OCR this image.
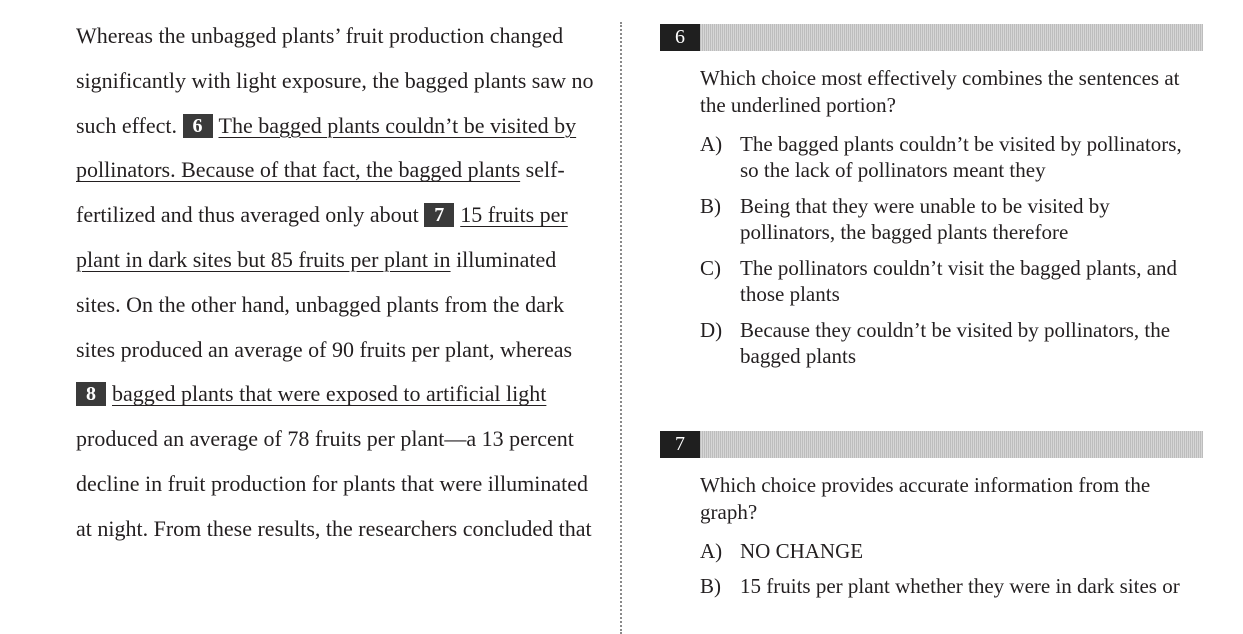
Whereas the unbagged plants’ fruit production changed significantly with light exposure, the bagged plants saw no such effect. 6 The bagged plants couldn’t be visited by pollinators. Because of that fact, the bagged plants self-fertilized and thus averaged only about 7 15 fruits per plant in dark sites but 85 fruits per plant in illuminated sites. On the other hand, unbagged plants from the dark sites produced an average of 90 fruits per plant, whereas 8 bagged plants that were exposed to artificial light produced an average of 78 fruits per plant—a 13 percent decline in fruit production for plants that were illuminated at night. From these results, the researchers concluded that

6
Which choice most effectively combines the sentences at the underlined portion?
A) The bagged plants couldn’t be visited by pollinators, so the lack of pollinators meant they
B) Being that they were unable to be visited by pollinators, the bagged plants therefore
C) The pollinators couldn’t visit the bagged plants, and those plants
D) Because they couldn’t be visited by pollinators, the bagged plants
7
Which choice provides accurate information from the graph?
A) NO CHANGE
B) 15 fruits per plant whether they were in dark sites or
